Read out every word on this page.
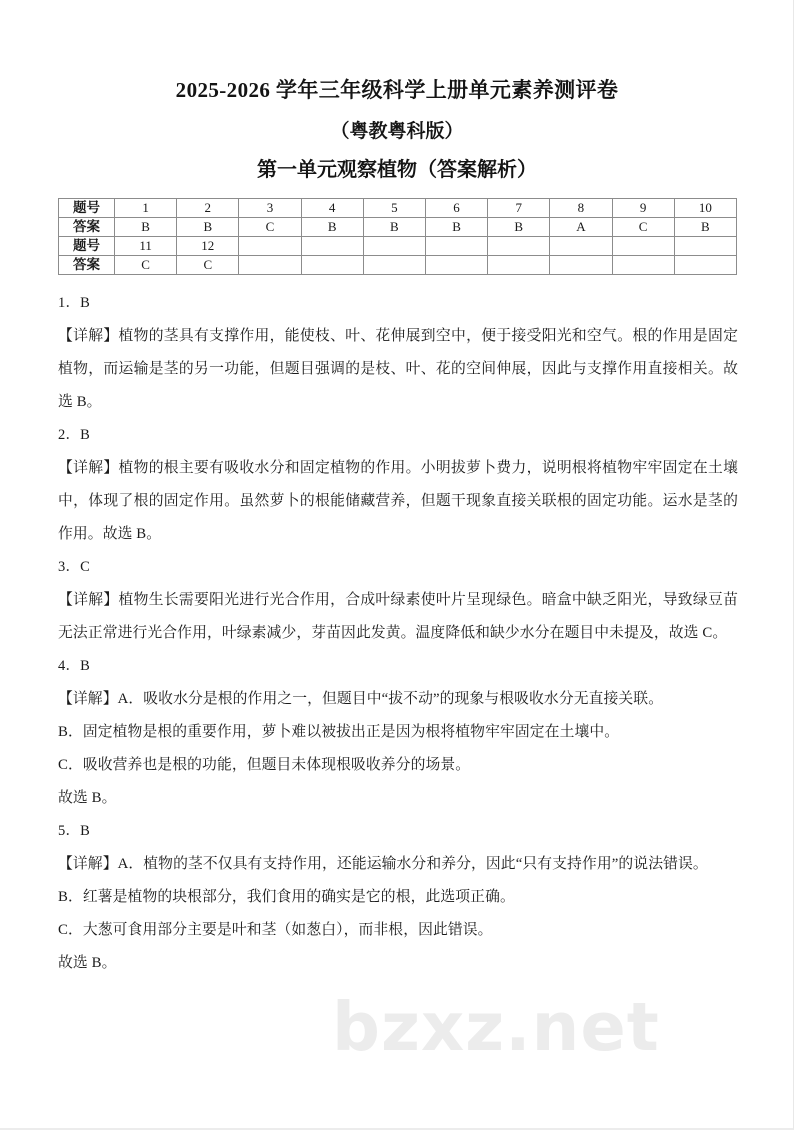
bzxz.net
2025-2026 学年三年级科学上册单元素养测评卷
（粤教粤科版）
第一单元观察植物（答案解析）
题号	1	2	3	4	5	6	7	8	9	10
答案	B	B	C	B	B	B	B	A	C	B
题号	11	12								
答案	C	C								
1．B

【详解】植物的茎具有支撑作用，能使枝、叶、花伸展到空中，便于接受阳光和空气。根的作用是固定植物，而运输是茎的另一功能，但题目强调的是枝、叶、花的空间伸展，因此与支撑作用直接相关。故选 B。

2．B

【详解】植物的根主要有吸收水分和固定植物的作用。小明拔萝卜费力，说明根将植物牢牢固定在土壤中，体现了根的固定作用。虽然萝卜的根能储藏营养，但题干现象直接关联根的固定功能。运水是茎的作用。故选 B。

3．C

【详解】植物生长需要阳光进行光合作用，合成叶绿素使叶片呈现绿色。暗盒中缺乏阳光，导致绿豆苗无法正常进行光合作用，叶绿素减少，芽苗因此发黄。温度降低和缺少水分在题目中未提及，故选 C。

4．B

【详解】A．吸收水分是根的作用之一，但题目中“拔不动”的现象与根吸收水分无直接关联。

B．固定植物是根的重要作用，萝卜难以被拔出正是因为根将植物牢牢固定在土壤中。

C．吸收营养也是根的功能，但题目未体现根吸收养分的场景。

故选 B。

5．B

【详解】A．植物的茎不仅具有支持作用，还能运输水分和养分，因此“只有支持作用”的说法错误。

B．红薯是植物的块根部分，我们食用的确实是它的根，此选项正确。

C．大葱可食用部分主要是叶和茎（如葱白），而非根，因此错误。

故选 B。
